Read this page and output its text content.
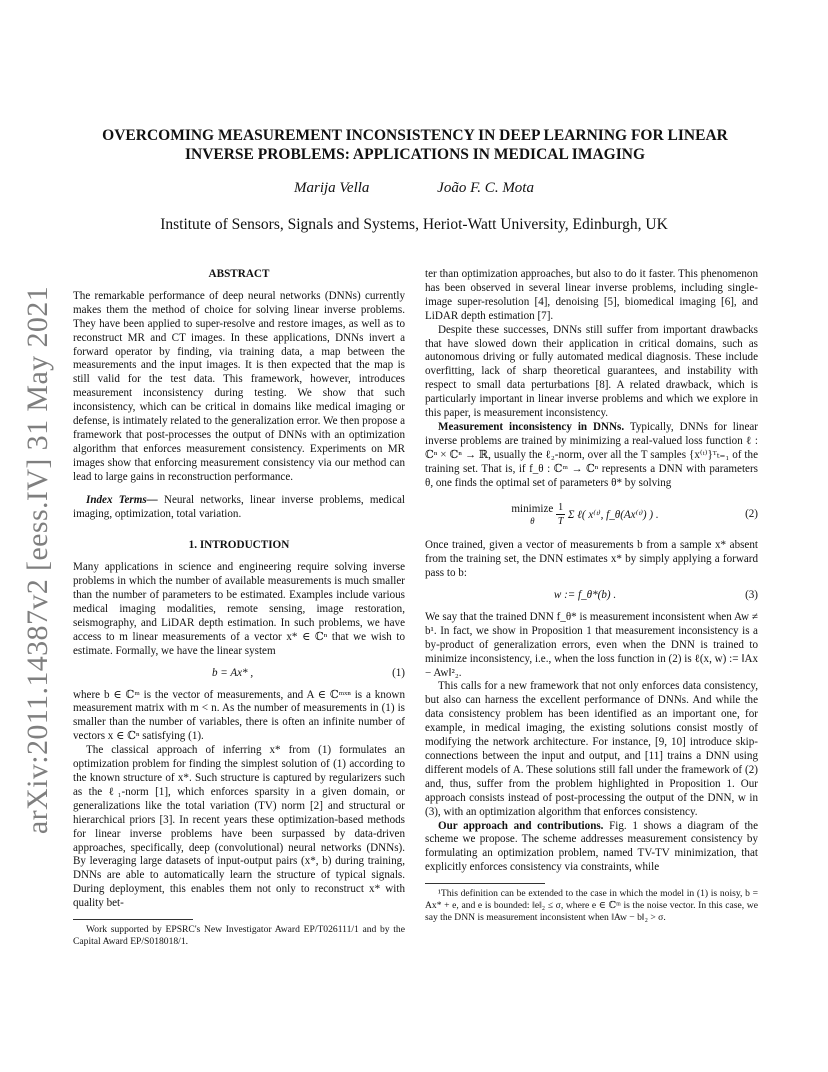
arXiv:2011.14387v2 [eess.IV] 31 May 2021
OVERCOMING MEASUREMENT INCONSISTENCY IN DEEP LEARNING FOR LINEAR INVERSE PROBLEMS: APPLICATIONS IN MEDICAL IMAGING
Marija Vella	João F. C. Mota
Institute of Sensors, Signals and Systems, Heriot-Watt University, Edinburgh, UK
ABSTRACT

The remarkable performance of deep neural networks (DNNs) currently makes them the method of choice for solving linear inverse problems. They have been applied to super-resolve and restore images, as well as to reconstruct MR and CT images. In these applications, DNNs invert a forward operator by finding, via training data, a map between the measurements and the input images. It is then expected that the map is still valid for the test data. This framework, however, introduces measurement inconsistency during testing. We show that such inconsistency, which can be critical in domains like medical imaging or defense, is intimately related to the generalization error. We then propose a framework that post-processes the output of DNNs with an optimization algorithm that enforces measurement consistency. Experiments on MR images show that enforcing measurement consistency via our method can lead to large gains in reconstruction performance.

Index Terms— Neural networks, linear inverse problems, medical imaging, optimization, total variation.

1. INTRODUCTION

Many applications in science and engineering require solving inverse problems in which the number of available measurements is much smaller than the number of parameters to be estimated. Examples include various medical imaging modalities, remote sensing, image restoration, seismography, and LiDAR depth estimation. In such problems, we have access to m linear measurements of a vector x* ∈ ℂⁿ that we wish to estimate. Formally, we have the linear system

b = Ax* ,	(1)

where b ∈ ℂᵐ is the vector of measurements, and A ∈ ℂᵐˣⁿ is a known measurement matrix with m < n. As the number of measurements in (1) is smaller than the number of variables, there is often an infinite number of vectors x ∈ ℂⁿ satisfying (1).

The classical approach of inferring x* from (1) formulates an optimization problem for finding the simplest solution of (1) according to the known structure of x*. Such structure is captured by regularizers such as the ℓ₁-norm [1], which enforces sparsity in a given domain, or generalizations like the total variation (TV) norm [2] and structural or hierarchical priors [3]. In recent years these optimization-based methods for linear inverse problems have been surpassed by data-driven approaches, specifically, deep (convolutional) neural networks (DNNs). By leveraging large datasets of input-output pairs (x*, b) during training, DNNs are able to automatically learn the structure of typical signals. During deployment, this enables them not only to reconstruct x* with quality bet-

Work supported by EPSRC's New Investigator Award EP/T026111/1 and by the Capital Award EP/S018018/1.

ter than optimization approaches, but also to do it faster. This phenomenon has been observed in several linear inverse problems, including single-image super-resolution [4], denoising [5], biomedical imaging [6], and LiDAR depth estimation [7].

Despite these successes, DNNs still suffer from important drawbacks that have slowed down their application in critical domains, such as autonomous driving or fully automated medical diagnosis. These include overfitting, lack of sharp theoretical guarantees, and instability with respect to small data perturbations [8]. A related drawback, which is particularly important in linear inverse problems and which we explore in this paper, is measurement inconsistency.

Measurement inconsistency in DNNs. Typically, DNNs for linear inverse problems are trained by minimizing a real-valued loss function ℓ : ℂⁿ × ℂⁿ → ℝ, usually the ℓ₂-norm, over all the T samples {x⁽ᵗ⁾}ᵀₜ₌₁ of the training set. That is, if f_θ : ℂᵐ → ℂⁿ represents a DNN with parameters θ, one finds the optimal set of parameters θ* by solving

minimize
θ
$\frac{1}{T}$ Σ ℓ( x⁽ᵗ⁾, f_θ(Ax⁽ᵗ⁾) ) .	(2)

Once trained, given a vector of measurements b from a sample x* absent from the training set, the DNN estimates x* by simply applying a forward pass to b:

w := f_θ*(b) .	(3)

We say that the trained DNN f_θ* is measurement inconsistent when Aw ≠ b¹. In fact, we show in Proposition 1 that measurement inconsistency is a by-product of generalization errors, even when the DNN is trained to minimize inconsistency, i.e., when the loss function in (2) is ℓ(x, w) := ‖Ax − Aw‖²₂.

This calls for a new framework that not only enforces data consistency, but also can harness the excellent performance of DNNs. And while the data consistency problem has been identified as an important one, for example, in medical imaging, the existing solutions consist mostly of modifying the network architecture. For instance, [9, 10] introduce skip-connections between the input and output, and [11] trains a DNN using different models of A. These solutions still fall under the framework of (2) and, thus, suffer from the problem highlighted in Proposition 1. Our approach consists instead of post-processing the output of the DNN, w in (3), with an optimization algorithm that enforces consistency.

Our approach and contributions. Fig. 1 shows a diagram of the scheme we propose. The scheme addresses measurement consistency by formulating an optimization problem, named TV-TV minimization, that explicitly enforces consistency via constraints, while

¹This definition can be extended to the case in which the model in (1) is noisy, b = Ax* + e, and e is bounded: ‖e‖₂ ≤ σ, where e ∈ ℂᵐ is the noise vector. In this case, we say the DNN is measurement inconsistent when ‖Aw − b‖₂ > σ.
